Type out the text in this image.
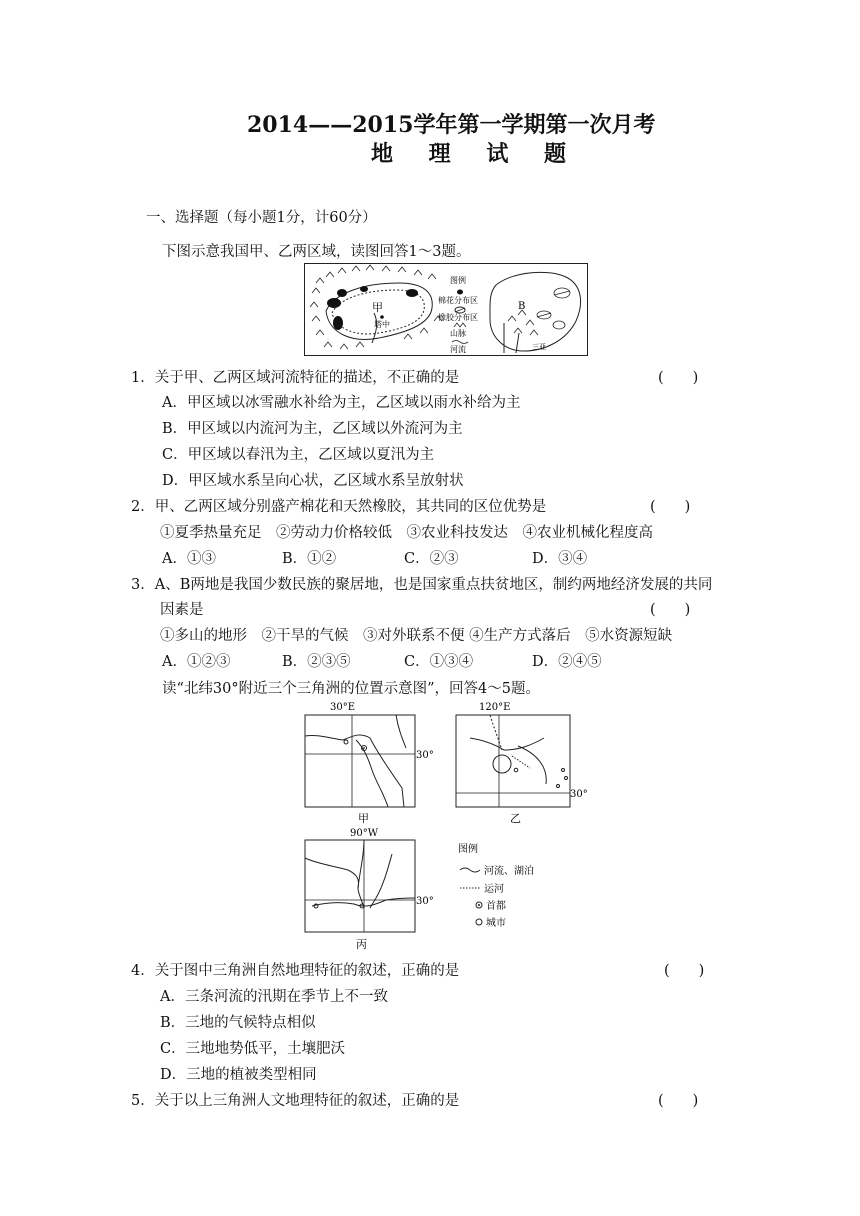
2014——2015学年第一学期第一次月考
地 理 试 题
一、选择题（每小题1分，计60分）
下图示意我国甲、乙两区域，读图回答1～3题。
甲
塔中
图例
棉花分布区
橡胶分布区
山脉
河流
B
三亚
1．关于甲、乙两区域河流特征的描述，不正确的是	(　　)
A．甲区域以冰雪融水补给为主，乙区域以雨水补给为主
B．甲区域以内流河为主，乙区域以外流河为主
C．甲区域以春汛为主，乙区域以夏汛为主
D．甲区域水系呈向心状，乙区域水系呈放射状
2．甲、乙两区域分别盛产棉花和天然橡胶，其共同的区位优势是	(　　)
①夏季热量充足　②劳动力价格较低　③农业科技发达　④农业机械化程度高
A．①③	B．①②	C．②③	D．③④
3．A、B两地是我国少数民族的聚居地，也是国家重点扶贫地区，制约两地经济发展的共同
因素是	(　　)
①多山的地形　②干旱的气候　③对外联系不便 ④生产方式落后　⑤水资源短缺
A．①②③	B．②③⑤	C．①③④	D．②④⑤
读“北纬30°附近三个三角洲的位置示意图”，回答4～5题。
30°E
30°
甲
120°E
30°
乙
90°W
30°
丙
图例
河流、湖泊
运河
首都
城市
4．关于图中三角洲自然地理特征的叙述，正确的是	(　　)
A．三条河流的汛期在季节上不一致
B．三地的气候特点相似
C．三地地势低平，土壤肥沃
D．三地的植被类型相同
5．关于以上三角洲人文地理特征的叙述，正确的是	(　　)
